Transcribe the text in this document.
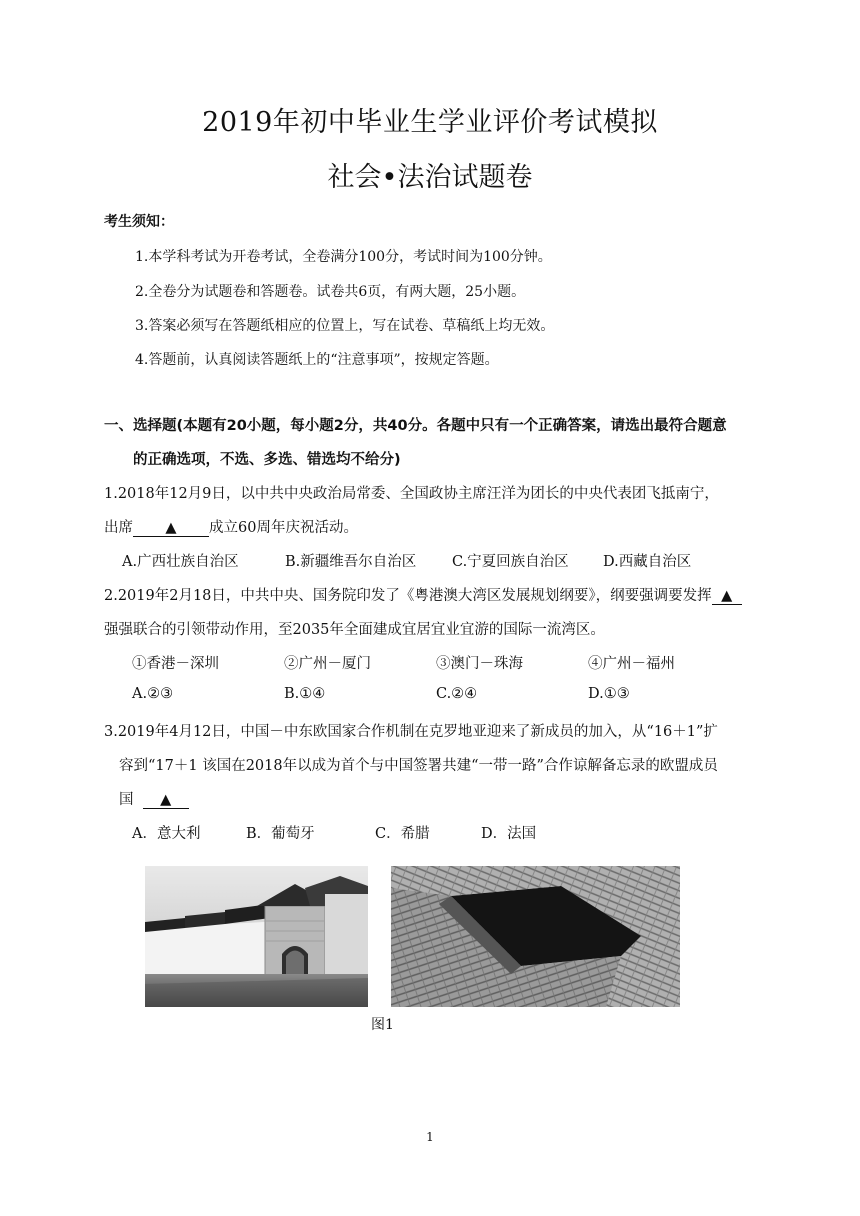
2019年初中毕业生学业评价考试模拟
社会•法治试题卷
考生须知：
1.本学科考试为开卷考试，全卷满分100分，考试时间为100分钟。
2.全卷分为试题卷和答题卷。试卷共6页，有两大题，25小题。
3.答案必须写在答题纸相应的位置上，写在试卷、草稿纸上均无效。
4.答题前，认真阅读答题纸上的“注意事项”，按规定答题。
一、选择题(本题有20小题，每小题2分，共40分。各题中只有一个正确答案，请选出最符合题意
的正确选项，不选、多选、错选均不给分)
1.2018年12月9日，以中共中央政治局常委、全国政协主席汪洋为团长的中央代表团飞抵南宁，
出席 ▲ 成立60周年庆祝活动。
A.广西壮族自治区	B.新疆维吾尔自治区 C.宁夏回族自治区 D.西藏自治区
2.2019年2月18日，中共中央、国务院印发了《粤港澳大湾区发展规划纲要》，纲要强调要发挥 ▲
强强联合的引领带动作用，至2035年全面建成宜居宜业宜游的国际一流湾区。
①香港－深圳	②广州－厦门	③澳门－珠海	④广州－福州
A.②③	B.①④	C.②④	D.①③
3.2019年4月12日，中国－中东欧国家合作机制在克罗地亚迎来了新成员的加入，从“16＋1”扩
容到“17＋1 该国在2018年以成为首个与中国签署共建“一带一路”合作谅解备忘录的欧盟成员
国 ▲
A．意大利	B．葡萄牙	C．希腊	D．法国
图1
1
